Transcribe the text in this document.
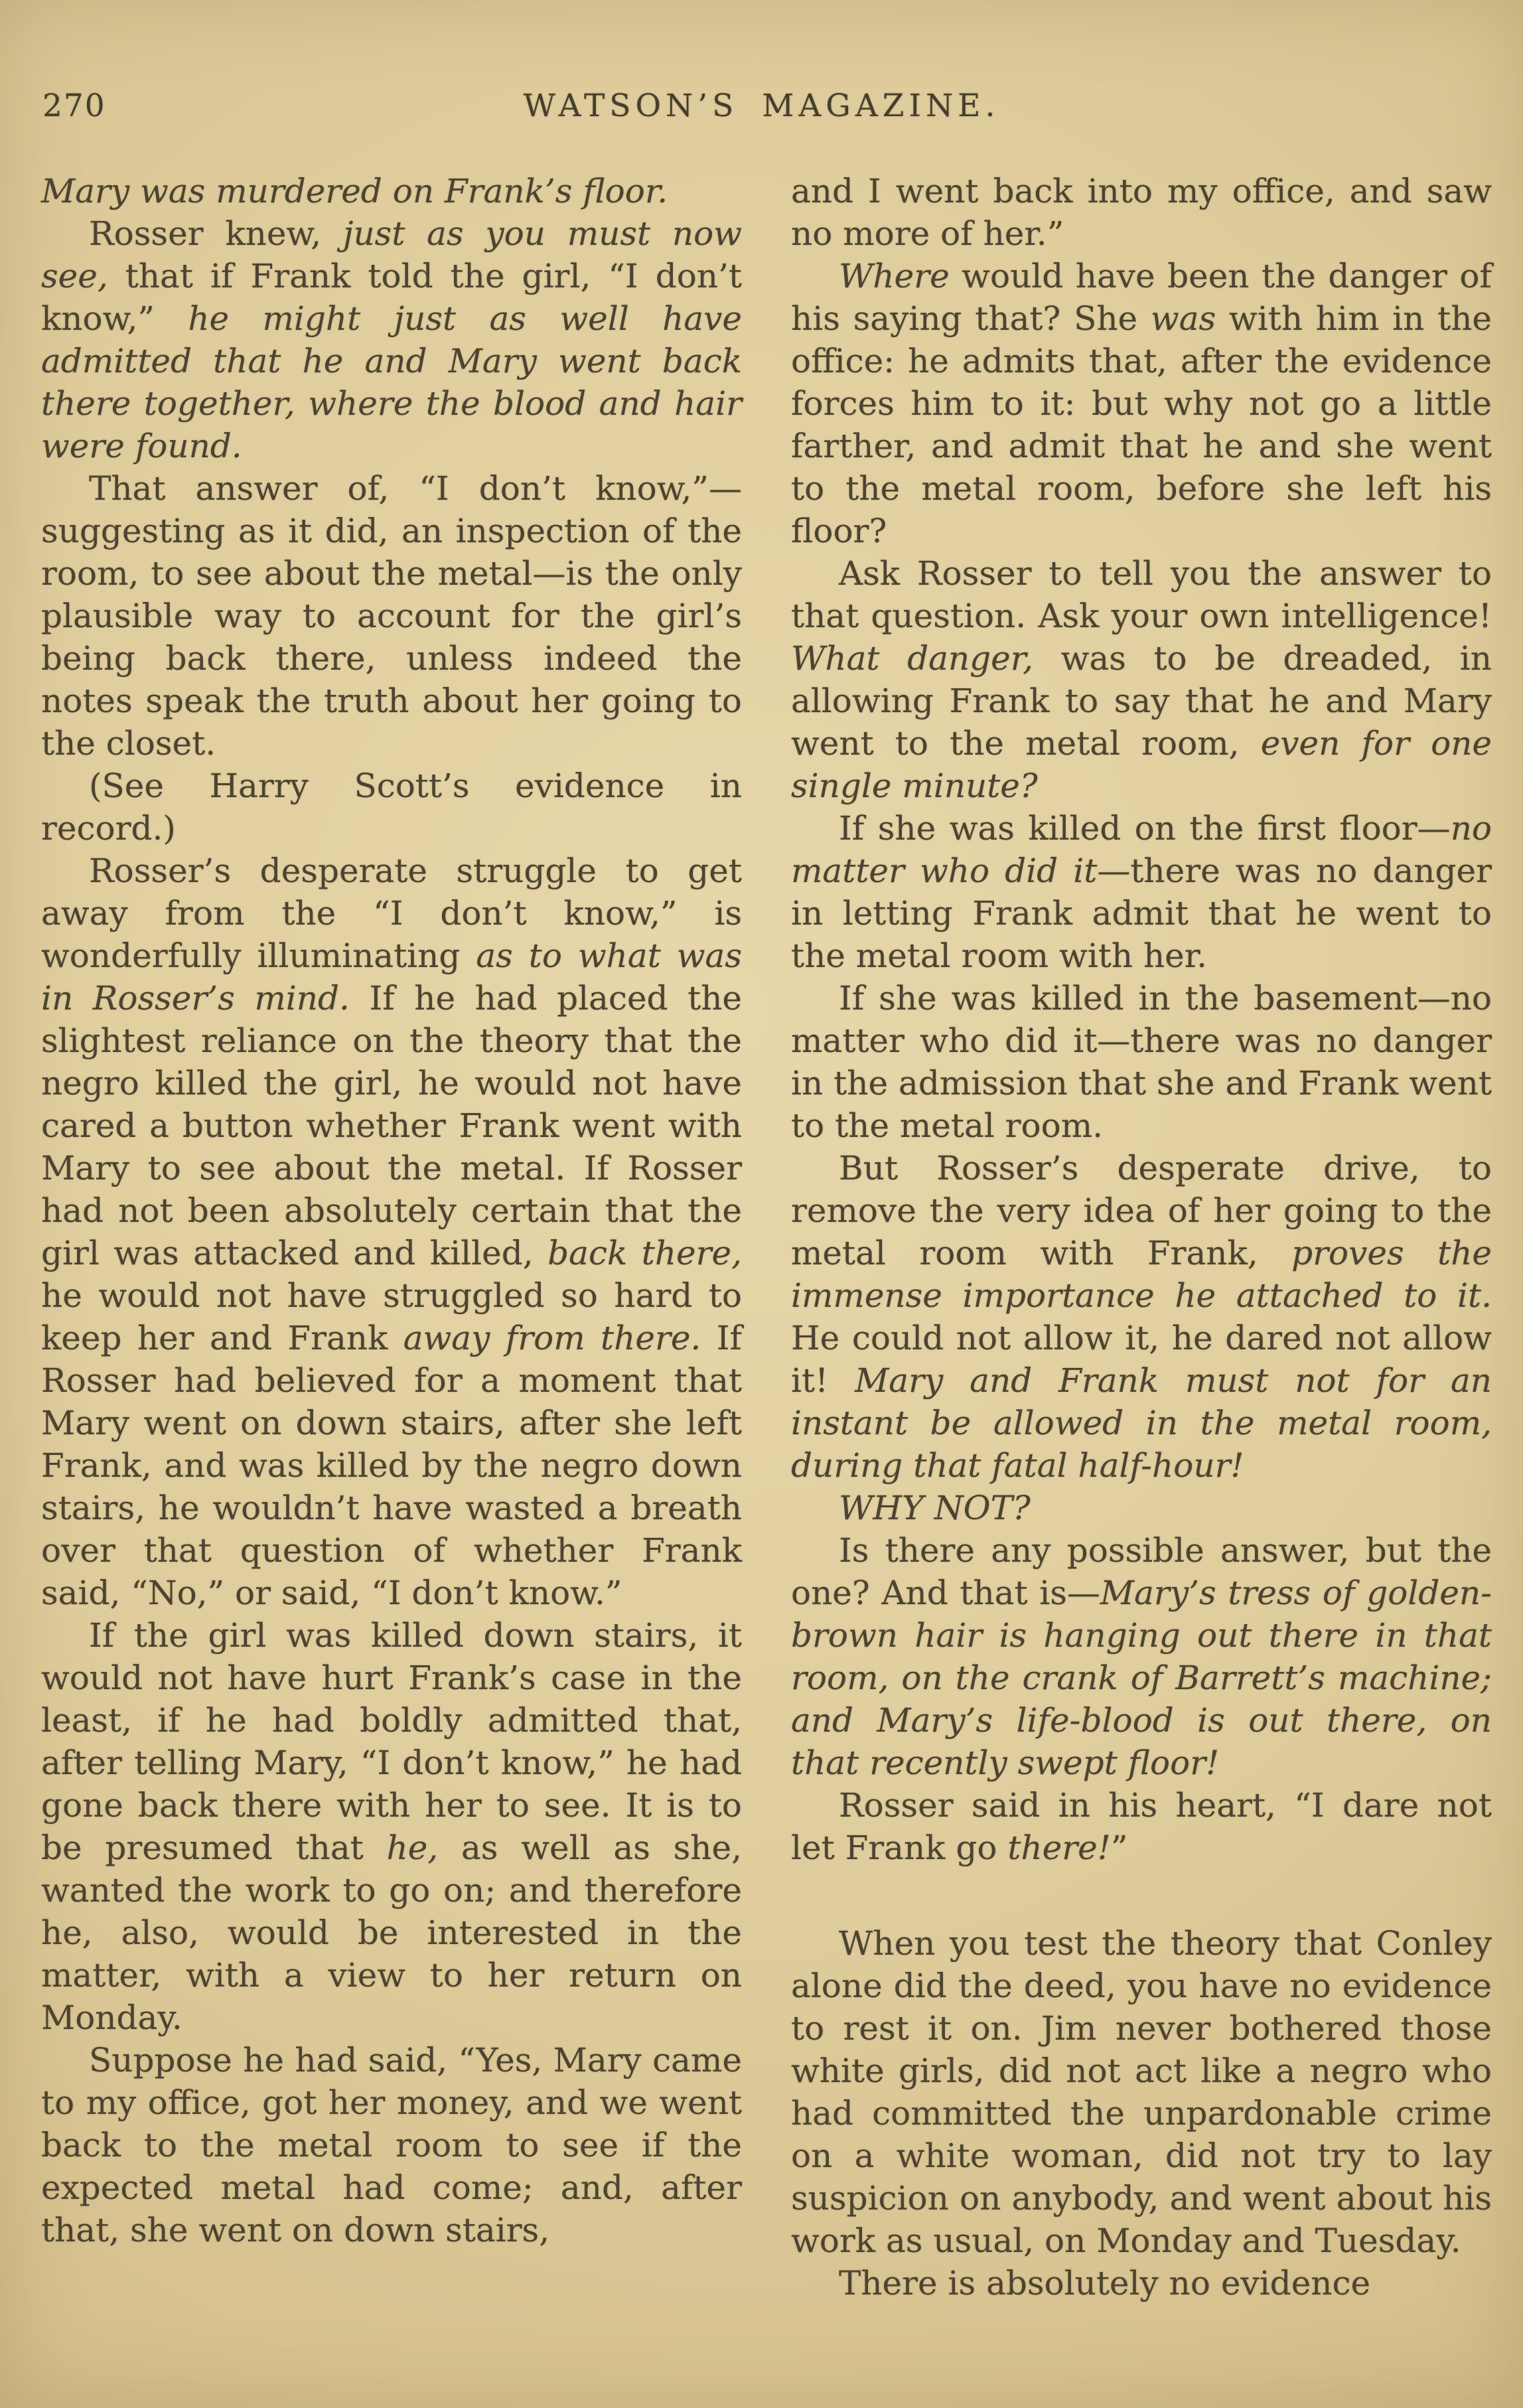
270	WATSON’S MAGAZINE.

Mary was murdered on Frank’s floor.

Rosser knew, just as you must now see, that if Frank told the girl, “I don’t know,” he might just as well have admitted that he and Mary went back there together, where the blood and hair were found.

That answer of, “I don’t know,”—suggesting as it did, an inspection of the room, to see about the metal—is the only plausible way to account for the girl’s being back there, unless indeed the notes speak the truth about her going to the closet.

(See Harry Scott’s evidence in record.)

Rosser’s desperate struggle to get away from the “I don’t know,” is wonderfully illuminating as to what was in Rosser’s mind. If he had placed the slightest reliance on the theory that the negro killed the girl, he would not have cared a button whether Frank went with Mary to see about the metal. If Rosser had not been absolutely certain that the girl was attacked and killed, back there, he would not have struggled so hard to keep her and Frank away from there. If Rosser had believed for a moment that Mary went on down stairs, after she left Frank, and was killed by the negro down stairs, he wouldn’t have wasted a breath over that question of whether Frank said, “No,” or said, “I don’t know.”

If the girl was killed down stairs, it would not have hurt Frank’s case in the least, if he had boldly admitted that, after telling Mary, “I don’t know,” he had gone back there with her to see. It is to be presumed that he, as well as she, wanted the work to go on; and therefore he, also, would be interested in the matter, with a view to her return on Monday.

Suppose he had said, “Yes, Mary came to my office, got her money, and we went back to the metal room to see if the expected metal had come; and, after that, she went on down stairs,

and I went back into my office, and saw no more of her.”

Where would have been the danger of his saying that? She was with him in the office: he admits that, after the evidence forces him to it: but why not go a little farther, and admit that he and she went to the metal room, before she left his floor?

Ask Rosser to tell you the answer to that question. Ask your own intelligence! What danger, was to be dreaded, in allowing Frank to say that he and Mary went to the metal room, even for one single minute?

If she was killed on the first floor—no matter who did it—there was no danger in letting Frank admit that he went to the metal room with her.

If she was killed in the basement—no matter who did it—there was no danger in the admission that she and Frank went to the metal room.

But Rosser’s desperate drive, to remove the very idea of her going to the metal room with Frank, proves the immense importance he attached to it. He could not allow it, he dared not allow it! Mary and Frank must not for an instant be allowed in the metal room, during that fatal half-hour!

WHY NOT?

Is there any possible answer, but the one? And that is—Mary’s tress of golden-brown hair is hanging out there in that room, on the crank of Barrett’s machine; and Mary’s life-blood is out there, on that recently swept floor!

Rosser said in his heart, “I dare not let Frank go there!”

When you test the theory that Conley alone did the deed, you have no evidence to rest it on. Jim never bothered those white girls, did not act like a negro who had committed the unpardonable crime on a white woman, did not try to lay suspicion on anybody, and went about his work as usual, on Monday and Tuesday.

There is absolutely no evidence
